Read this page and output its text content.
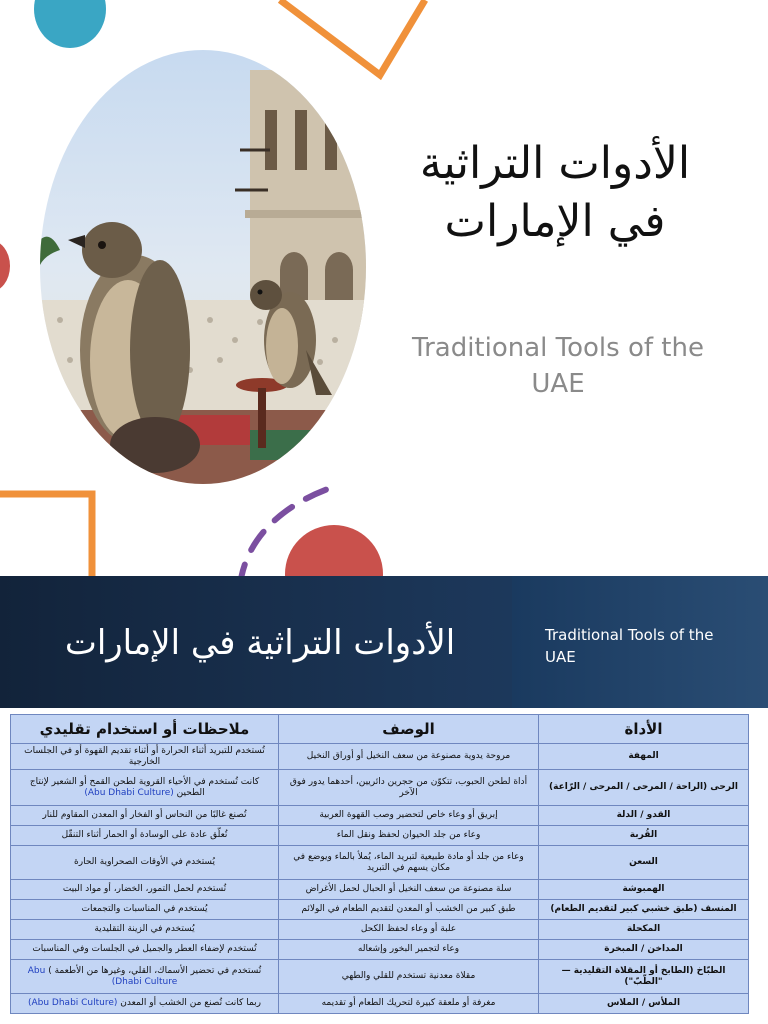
الأدوات التراثية
في الإمارات
Traditional Tools of the
UAE
الأدوات التراثية في الإمارات	Traditional Tools of the
UAE
الأداة	الوصف	ملاحظات أو استخدام تقليدي
المهفة	مروحة يدوية مصنوعة من سعف النخيل أو أوراق النخيل	تُستخدم للتبريد أثناء الحرارة أو أثناء تقديم القهوة أو في الجلسات الخارجية
الرحى (الراحة / المرحى / المرحى / الرّاعة)	أداة لطحن الحبوب، تتكوّن من حجرين دائريين، أحدهما يدور فوق الآخر	كانت تُستخدم في الأحياء القروية لطحن القمح أو الشعير لإنتاج الطحين (Abu Dhabi Culture)
القدو / الدلة	إبريق أو وعاء خاص لتحضير وصب القهوة العربية	تُصنع غالبًا من النحاس أو الفخار أو المعدن المقاوم للنار
القُربة	وعاء من جلد الحيوان لحفظ ونقل الماء	تُعلّق عادة على الوسادة أو الحمار أثناء التنقّل
السعن	وعاء من جلد أو مادة طبيعية لتبريد الماء، يُملأ بالماء ويوضع في مكان يسهم في التبريد	يُستخدم في الأوقات الصحراوية الحارة
الهمبوشة	سلة مصنوعة من سعف النخيل أو الحبال لحمل الأغراض	تُستخدم لحمل التمور، الخضار، أو مواد البيت
المنسف (طبق خشبي كبير لتقديم الطعام)	طبق كبير من الخشب أو المعدن لتقديم الطعام في الولائم	يُستخدم في المناسبات والتجمعات
المكحلة	علبة أو وعاء لحفظ الكحل	يُستخدم في الزينة التقليدية
المداخن / المبخرة	وعاء لتجمير البخور وإشعاله	تُستخدم لإضفاء العطر والجميل في الجلسات وفي المناسبات
الطبّاخ (الطابخ أو المقلاة التقليدية — "الطّبّ")	مقلاة معدنية تستخدم للقلي والطهي	تُستخدم في تحضير الأسماك، القلي، وغيرها من الأطعمة ) Abu Dhabi Culture)
الملأس / الملاس	مغرفة أو ملعقة كبيرة لتحريك الطعام أو تقديمه	ربما كانت تُصنع من الخشب أو المعدن (Abu Dhabi Culture)
